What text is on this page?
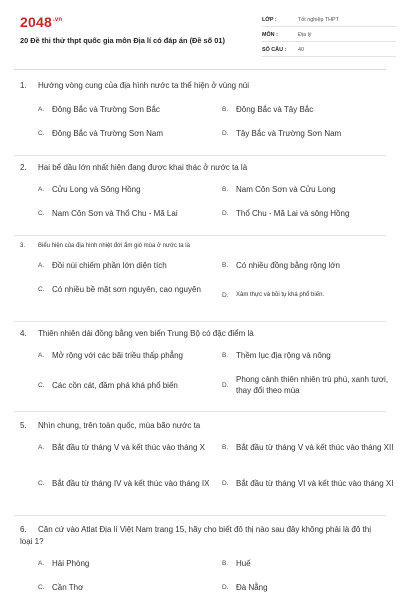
$2048^{.vn}$
20 Đề thi thử thpt quốc gia môn Địa lí có đáp án (Đề số 01)
LỚP :	Tốt nghiệp THPT
MÔN :	Địa lý
SỐ CÂU :	40
1. Hướng vòng cung của địa hình nước ta thể hiện ở vùng núi
A. Đông Bắc và Trường Sơn Bắc	B. Đông Bắc và Tây Bắc
C. Đông Bắc và Trường Sơn Nam	D. Tây Bắc và Trường Sơn Nam
2. Hai bể dầu lớn nhất hiện đang được khai thác ở nước ta là
A. Cửu Long và Sông Hồng	B. Nam Côn Sơn và Cửu Long
C. Nam Côn Sơn và Thổ Chu - Mã Lai	D. Thổ Chu - Mã Lai và sông Hồng
3. Biểu hiện của địa hình nhiệt đới ẩm gió mùa ở nước ta là
A. Đồi núi chiếm phần lớn diện tích	B. Có nhiều đồng bằng rộng lớn
C. Có nhiều bề mặt sơn nguyên, cao nguyên
D.	Xâm thực và bồi tụ khá phổ biến.
4. Thiên nhiên dải đồng bằng ven biển Trung Bộ có đặc điểm là
A. Mở rộng với các bãi triều thấp phẳng	B. Thềm lục địa rộng và nông
C. Các cồn cát, đầm phá khá phổ biến	D.
Phong cảnh thiên nhiên trù phú, xanh tươi, thay đổi theo mùa
5. Nhìn chung, trên toàn quốc, mùa bão nước ta
A. Bắt đầu từ tháng V và kết thúc vào tháng X	B. Bắt đầu từ tháng V và kết thúc vào tháng XII
C. Bắt đầu từ tháng IV và kết thúc vào tháng IX D. Bắt đầu từ tháng VI và kết thúc vào tháng XI
6. Căn cứ vào Atlat Địa lí Việt Nam trang 15, hãy cho biết đô thị nào sau đây không phải là đô thị loại 1?
A. Hải Phòng	B. Huế
C. Cần Thơ	D. Đà Nẵng
